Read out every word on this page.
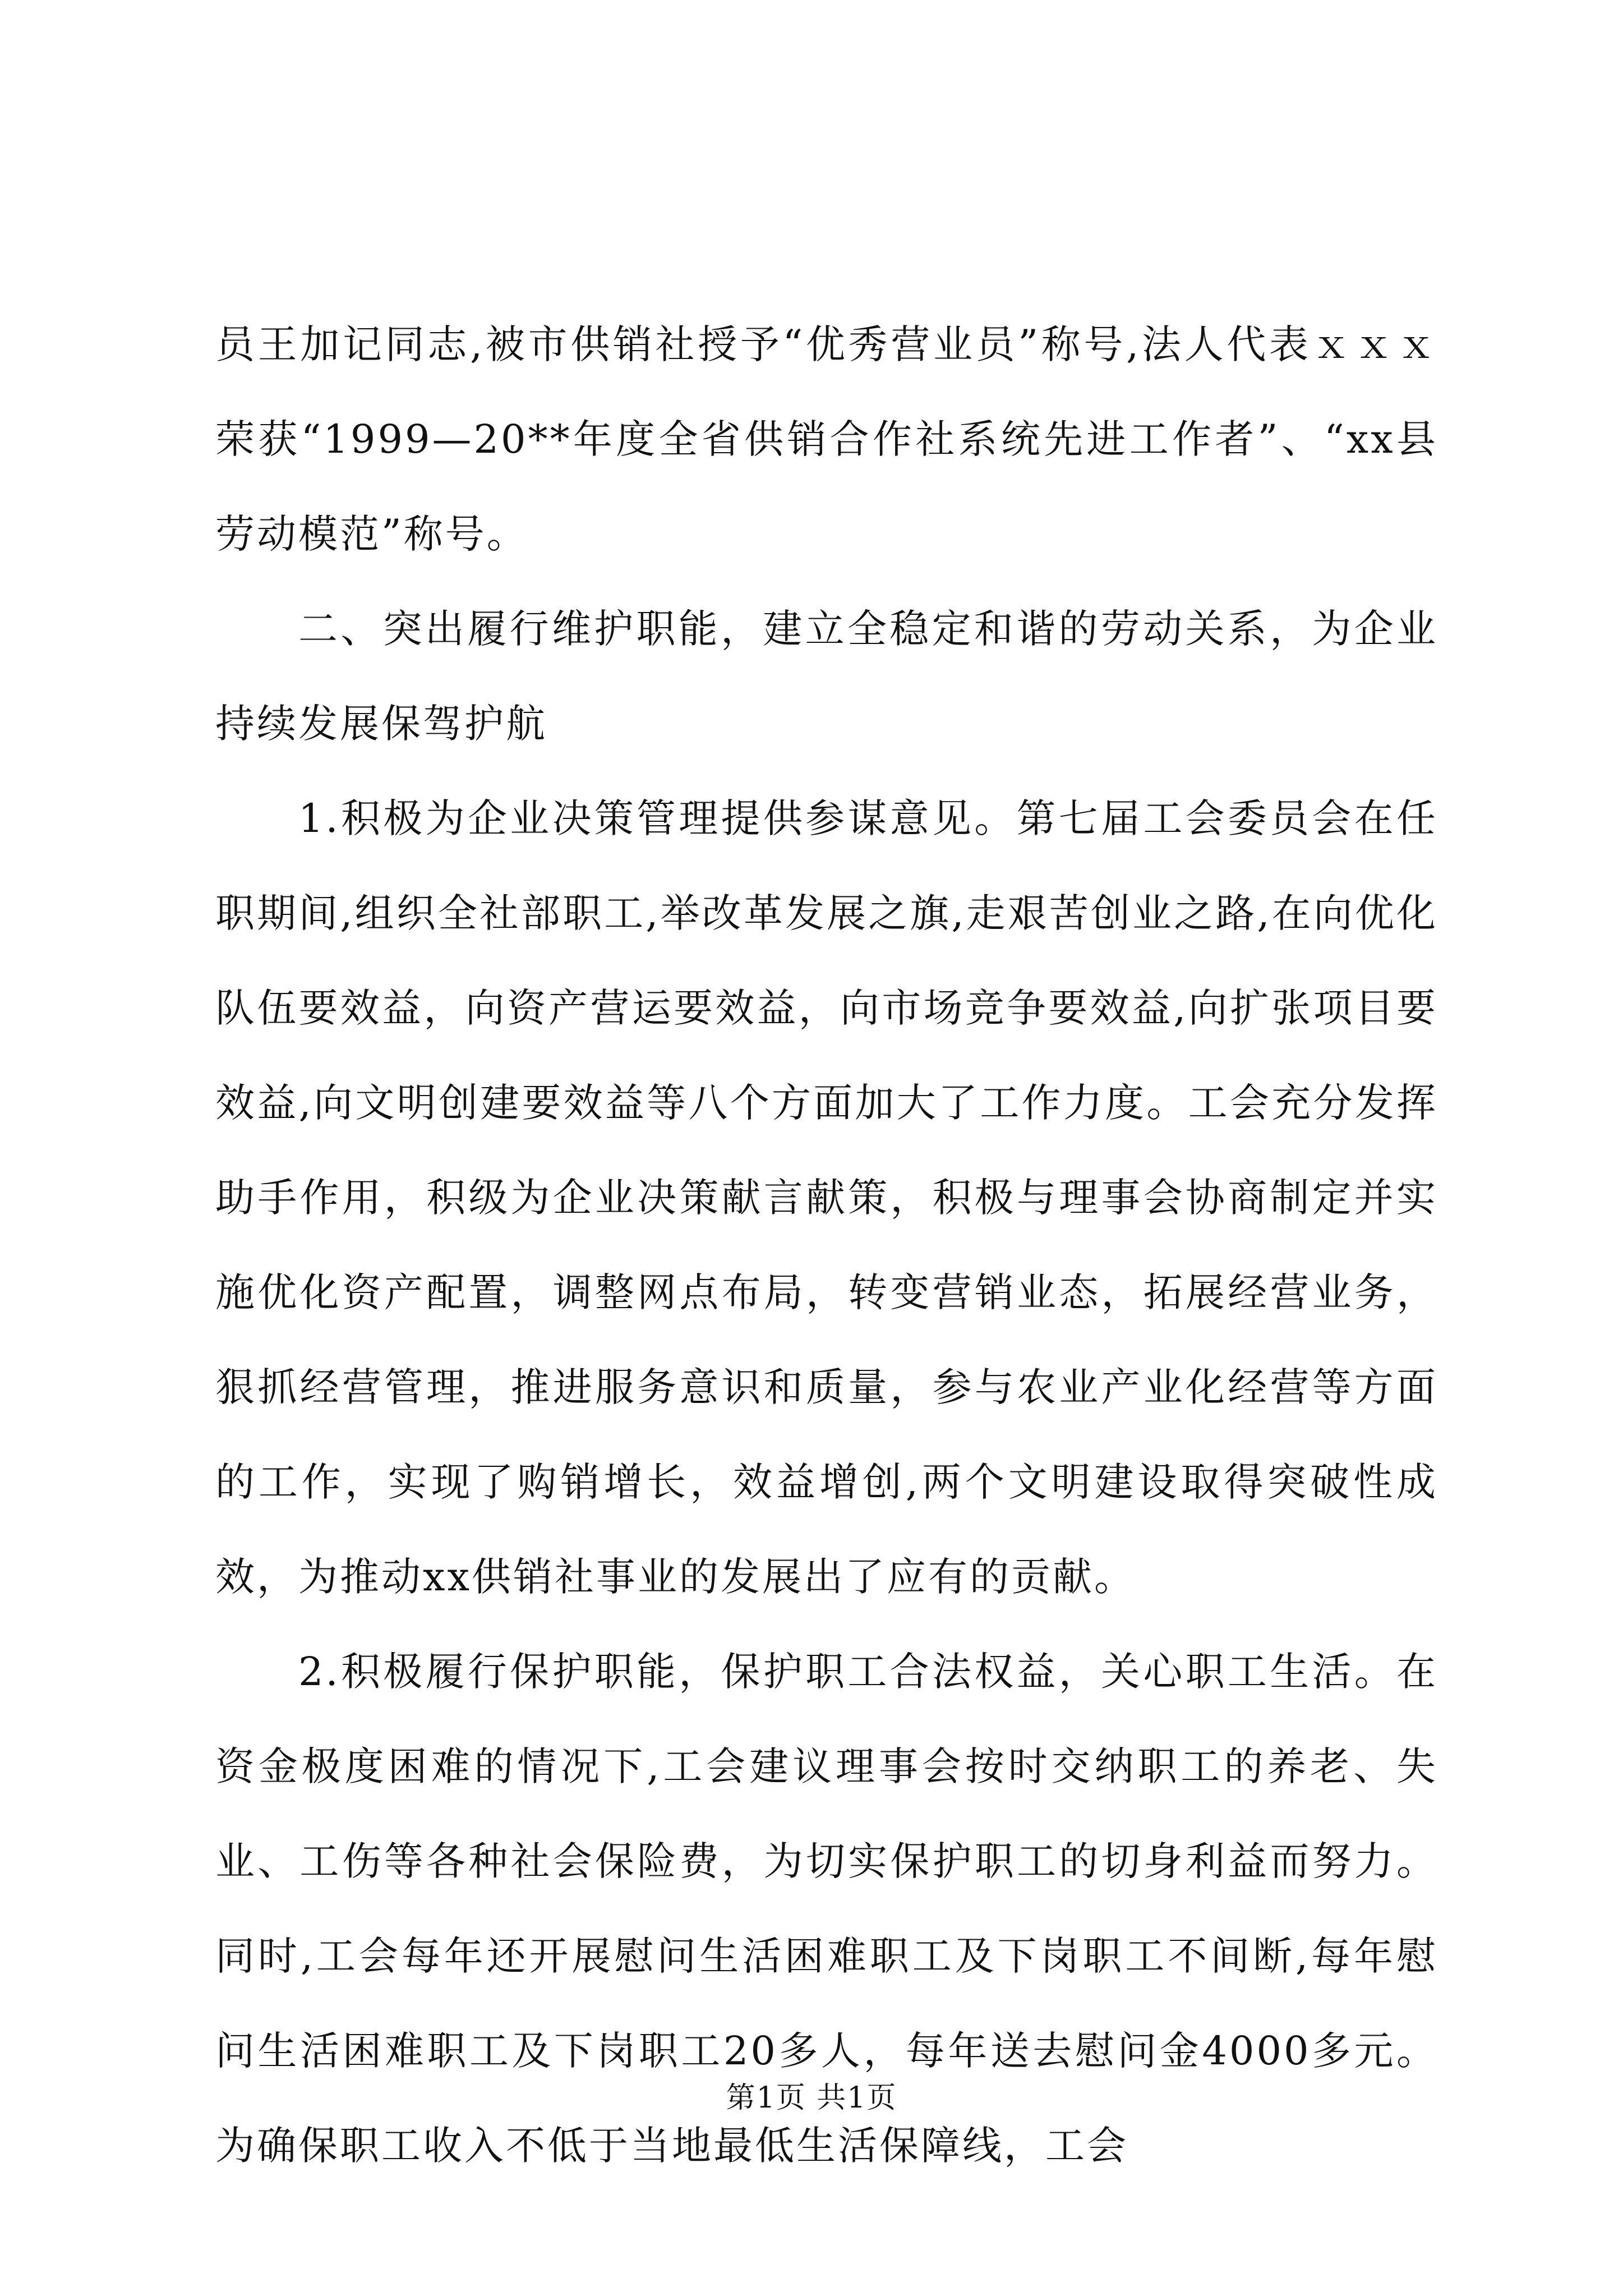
员王加记同志,被市供销社授予“优秀营业员”称号,法人代表ｘｘｘ荣获“1999—20**年度全省供销合作社系统先进工作者”、“xx县劳动模范”称号。

二、突出履行维护职能，建立全稳定和谐的劳动关系，为企业持续发展保驾护航

1.积极为企业决策管理提供参谋意见。第七届工会委员会在任职期间,组织全社部职工,举改革发展之旗,走艰苦创业之路,在向优化队伍要效益，向资产营运要效益，向市场竞争要效益,向扩张项目要效益,向文明创建要效益等八个方面加大了工作力度。工会充分发挥助手作用，积级为企业决策献言献策，积极与理事会协商制定并实施优化资产配置，调整网点布局，转变营销业态，拓展经营业务，狠抓经营管理，推进服务意识和质量，参与农业产业化经营等方面的工作，实现了购销增长，效益增创,两个文明建设取得突破性成效，为推动xx供销社事业的发展出了应有的贡献。

2.积极履行保护职能，保护职工合法权益，关心职工生活。在资金极度困难的情况下,工会建议理事会按时交纳职工的养老、失业、工伤等各种社会保险费，为切实保护职工的切身利益而努力。同时,工会每年还开展慰问生活困难职工及下岗职工不间断,每年慰问生活困难职工及下岗职工20多人，每年送去慰问金4000多元。为确保职工收入不低于当地最低生活保障线，工会

第1页 共1页
